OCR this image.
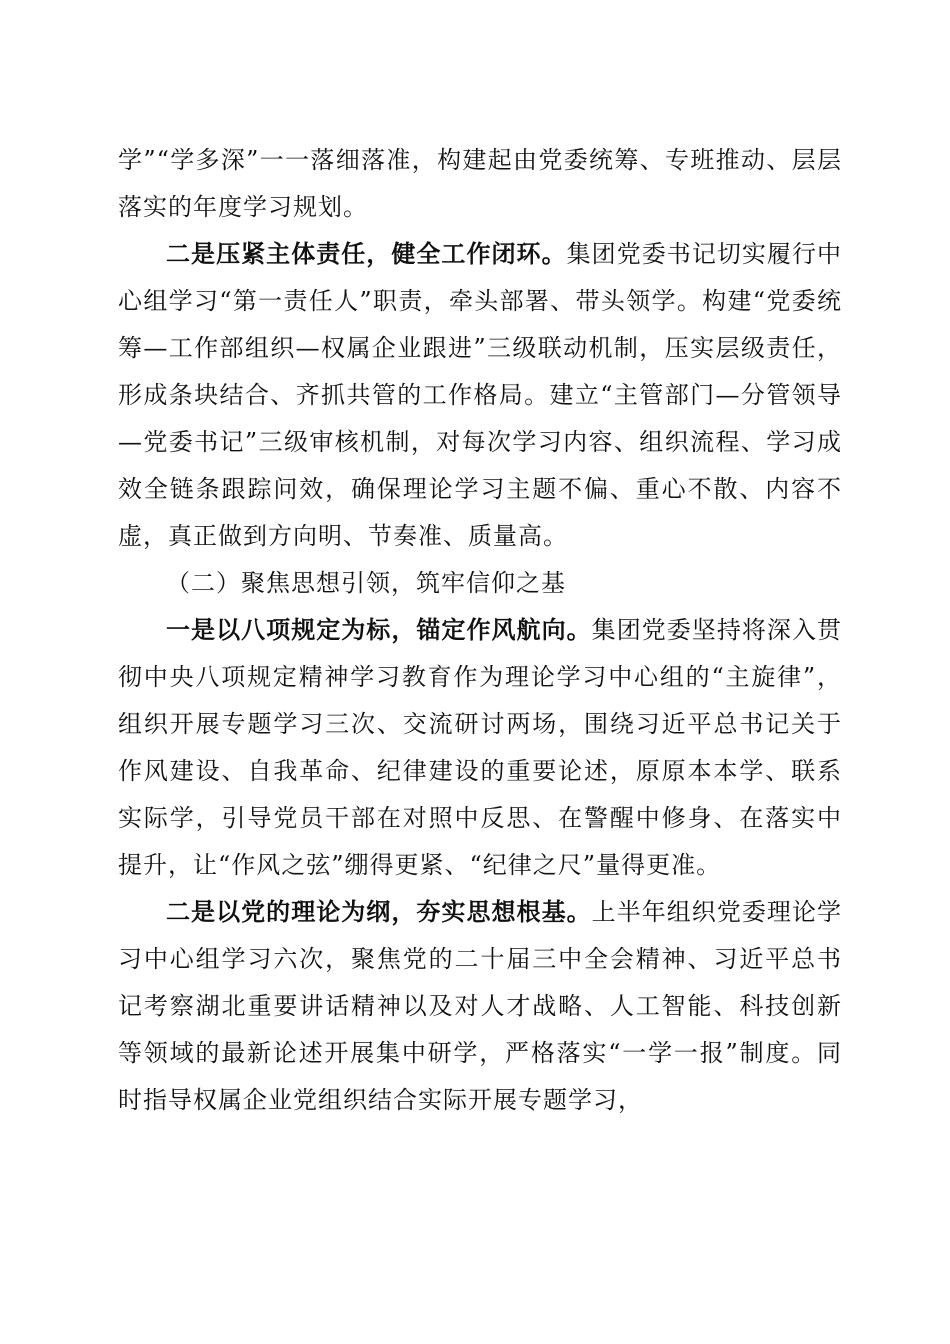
学”“学多深”一一落细落准，构建起由党委统筹、专班推动、层层落实的年度学习规划。

二是压紧主体责任，健全工作闭环。集团党委书记切实履行中心组学习“第一责任人”职责，牵头部署、带头领学。构建“党委统筹—工作部组织—权属企业跟进”三级联动机制，压实层级责任，形成条块结合、齐抓共管的工作格局。建立“主管部门—分管领导—党委书记”三级审核机制，对每次学习内容、组织流程、学习成效全链条跟踪问效，确保理论学习主题不偏、重心不散、内容不虚，真正做到方向明、节奏准、质量高。

（二）聚焦思想引领，筑牢信仰之基

一是以八项规定为标，锚定作风航向。集团党委坚持将深入贯彻中央八项规定精神学习教育作为理论学习中心组的“主旋律”，组织开展专题学习三次、交流研讨两场，围绕习近平总书记关于作风建设、自我革命、纪律建设的重要论述，原原本本学、联系实际学，引导党员干部在对照中反思、在警醒中修身、在落实中提升，让“作风之弦”绷得更紧、“纪律之尺”量得更准。

二是以党的理论为纲，夯实思想根基。上半年组织党委理论学习中心组学习六次，聚焦党的二十届三中全会精神、习近平总书记考察湖北重要讲话精神以及对人才战略、人工智能、科技创新等领域的最新论述开展集中研学，严格落实“一学一报”制度。同时指导权属企业党组织结合实际开展专题学习，
